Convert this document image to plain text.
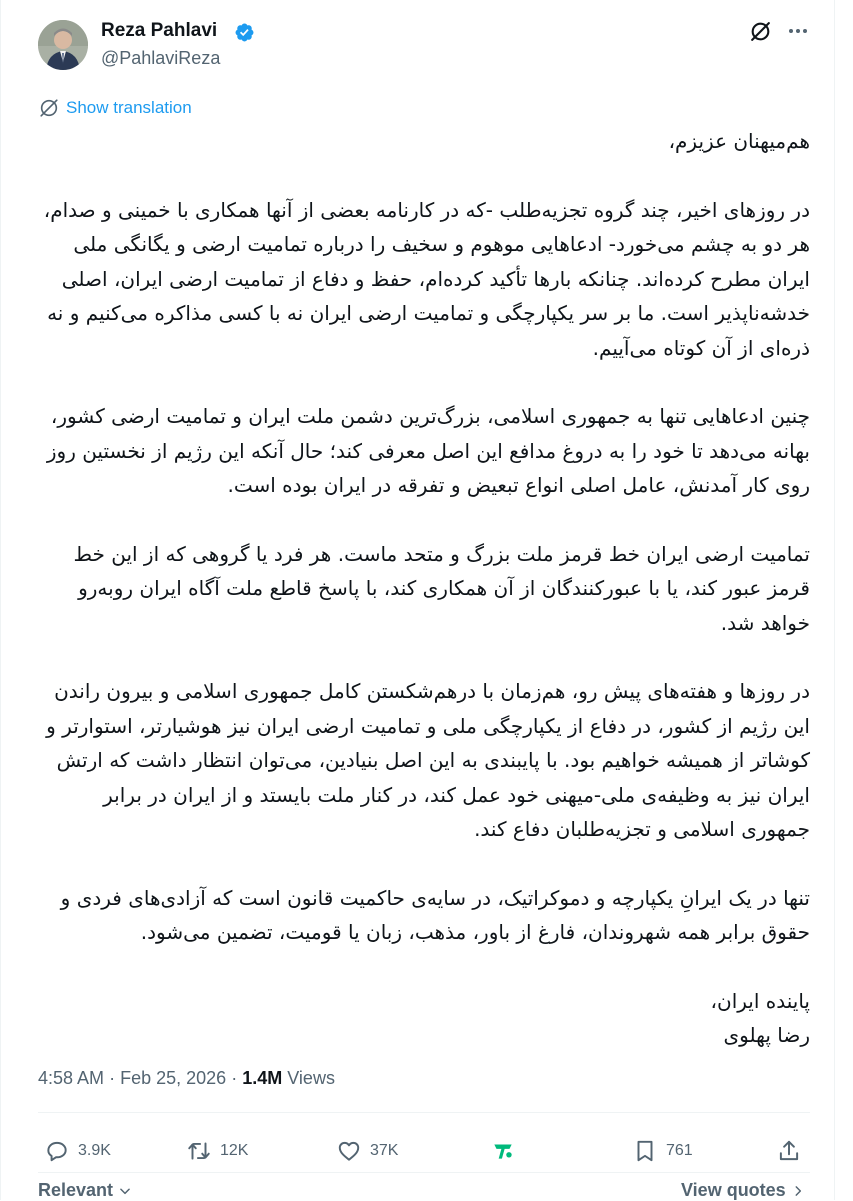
Reza Pahlavi
@PahlaviReza
Show translation

هم‌میهنان عزیزم،

در روزهای اخیر، چند گروه تجزیه‌طلب -که در کارنامه بعضی از آنها همکاری با خمینی و صدام، هر دو به چشم می‌خورد- ادعاهایی موهوم و سخیف را درباره تمامیت ارضی و یگانگی ملی ایران مطرح کرده‌اند. چنانکه بارها تأکید کرده‌ام، حفظ و دفاع از تمامیت ارضی ایران، اصلی خدشه‌ناپذیر است. ما بر سر یکپارچگی و تمامیت ارضی ایران نه با کسی مذاکره می‌کنیم و نه ذره‌ای از آن کوتاه می‌آییم.

چنین ادعاهایی تنها به جمهوری اسلامی، بزرگ‌ترین دشمن ملت ایران و تمامیت ارضی کشور، بهانه می‌دهد تا خود را به دروغ مدافع این اصل معرفی کند؛ حال آنکه این رژیم از نخستین روز روی کار آمدنش، عامل اصلی انواع تبعیض و تفرقه در ایران بوده است.

تمامیت ارضی ایران خط قرمز ملت بزرگ و متحد ماست. هر فرد یا گروهی که از این خط قرمز عبور کند، یا با عبورکنندگان از آن همکاری کند، با پاسخ قاطع ملت آگاه ایران روبه‌رو خواهد شد.

در روزها و هفته‌های پیش رو، هم‌زمان با درهم‌شکستن کامل جمهوری اسلامی و بیرون راندن این رژیم از کشور، در دفاع از یکپارچگی ملی و تمامیت ارضی ایران نیز هوشیارتر، استوارتر و کوشاتر از همیشه خواهیم بود. با پایبندی به این اصل بنیادین، می‌توان انتظار داشت که ارتش ایران نیز به وظیفه‌ی ملی-میهنی خود عمل کند، در کنار ملت بایستد و از ایران در برابر جمهوری اسلامی و تجزیه‌طلبان دفاع کند.

تنها در یک ایرانِ یکپارچه و دموکراتیک، در سایه‌ی حاکمیت قانون است که آزادی‌های فردی و حقوق برابر همه شهروندان، فارغ از باور، مذهب، زبان یا قومیت، تضمین می‌شود.

پاینده ایران،

رضا پهلوی

4:58 AM · Feb 25, 2026 · 1.4M Views
3.9K	12K	37K	761
Relevant	View quotes
